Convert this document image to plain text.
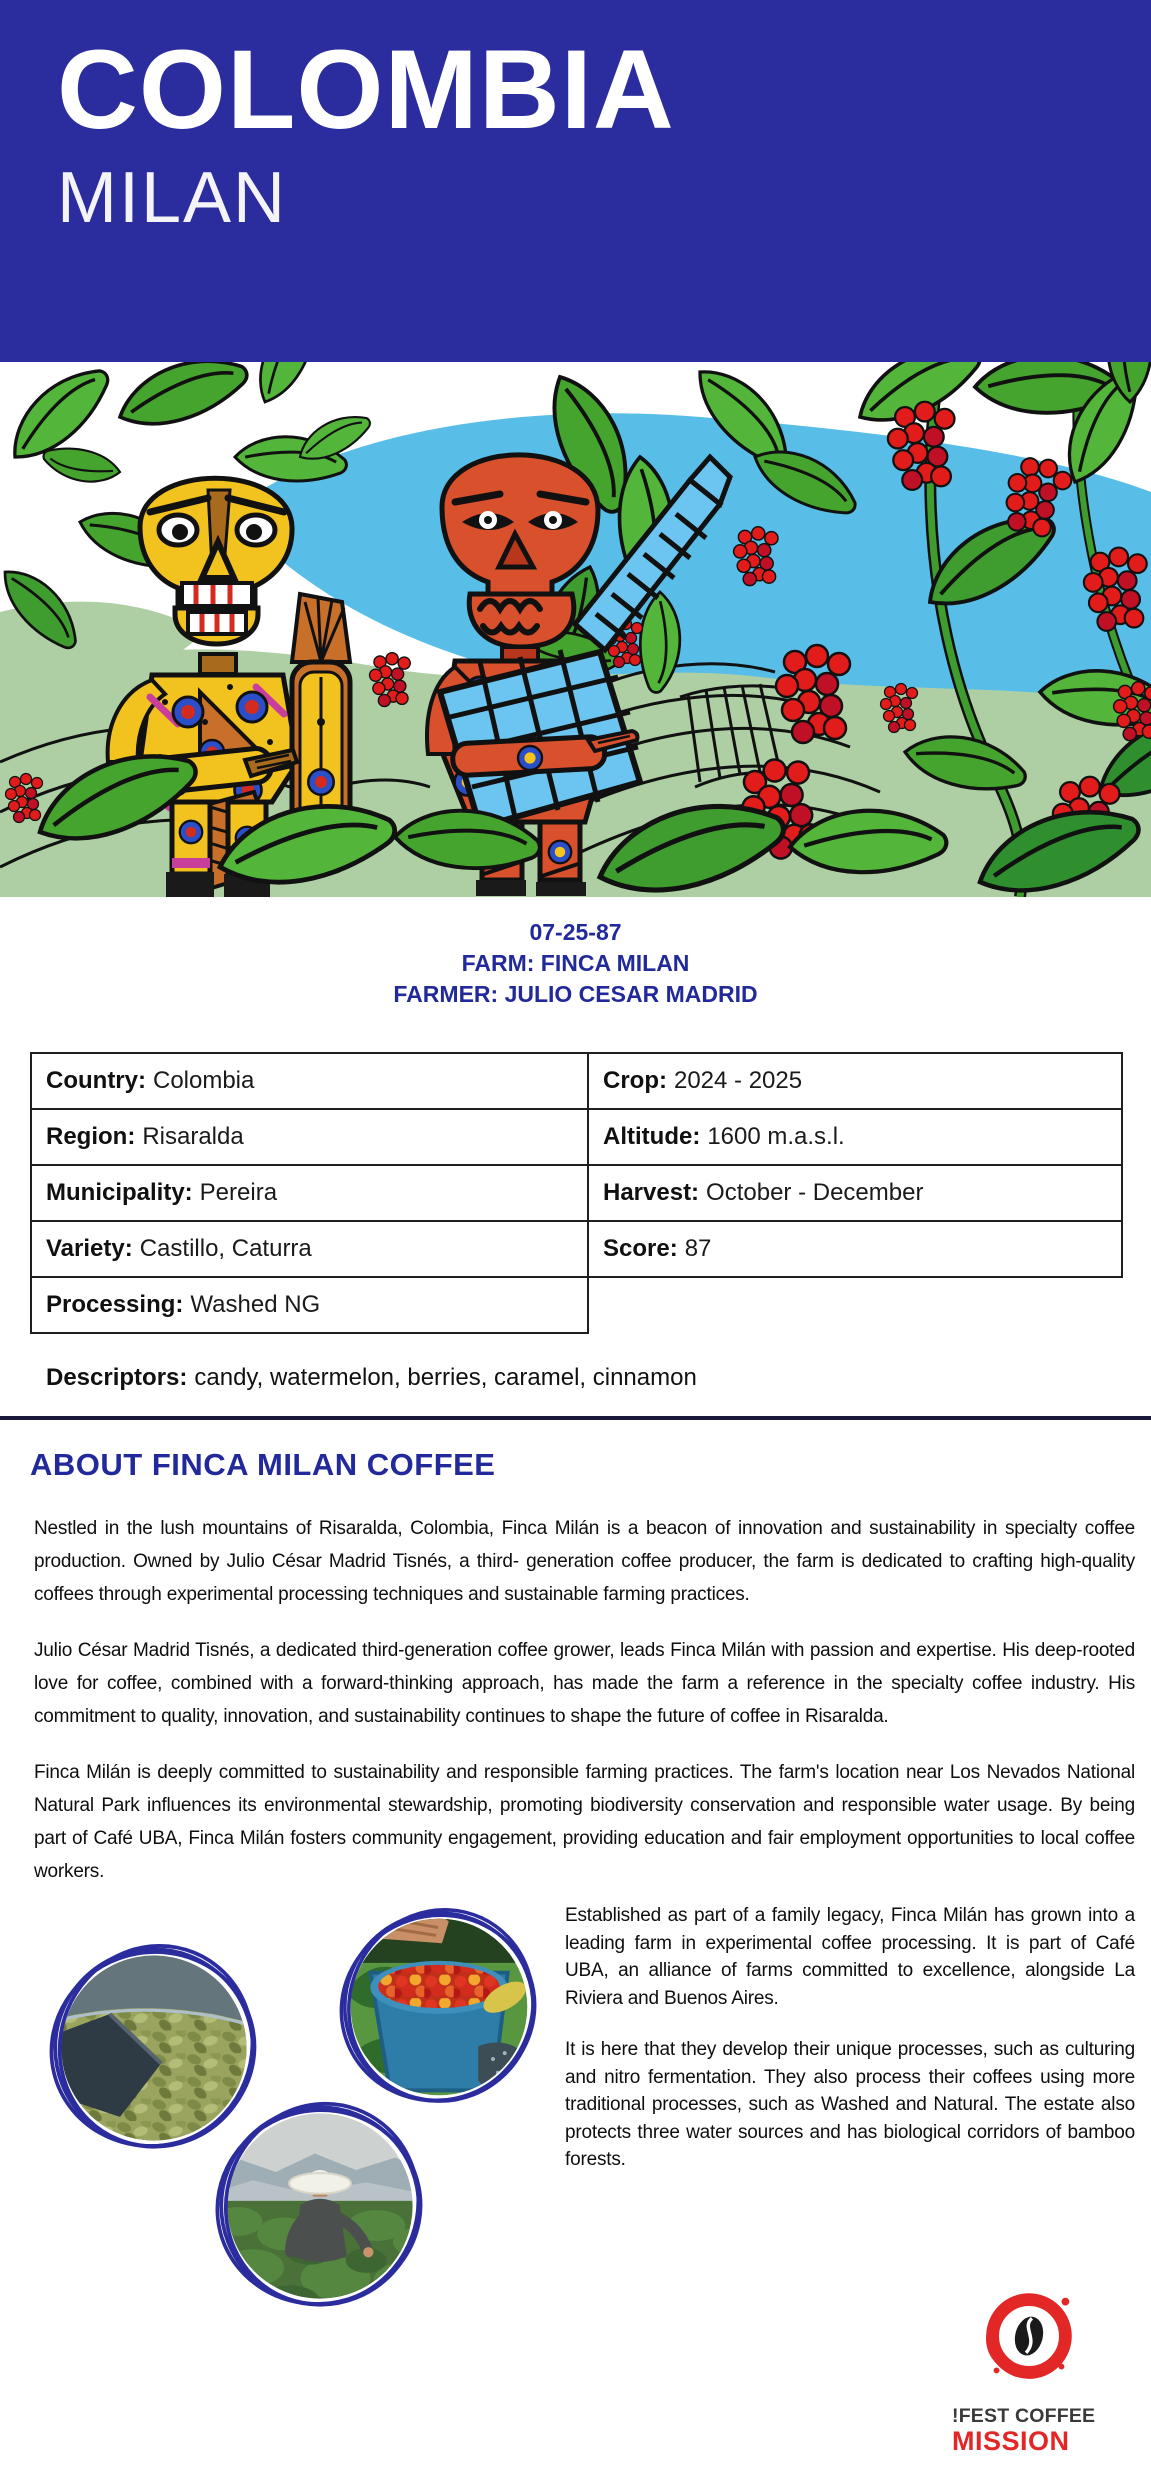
COLOMBIA
MILAN
07-25-87
FARM: FINCA MILAN
FARMER: JULIO CESAR MADRID
Country: Colombia	Crop: 2024 - 2025
Region: Risaralda	Altitude: 1600 m.a.s.l.
Municipality: Pereira	Harvest: October - December
Variety: Castillo, Caturra	Score: 87
Processing: Washed NG	

Descriptors: candy, watermelon, berries, caramel, cinnamon

ABOUT FINCA MILAN COFFEE

Nestled in the lush mountains of Risaralda, Colombia, Finca Milán is a beacon of innovation and sustainability in specialty coffee production. Owned by Julio César Madrid Tisnés, a third- generation coffee producer, the farm is dedicated to crafting high-quality coffees through experimental processing techniques and sustainable farming practices.

Julio César Madrid Tisnés, a dedicated third-generation coffee grower, leads Finca Milán with passion and expertise. His deep-rooted love for coffee, combined with a forward-thinking approach, has made the farm a reference in the specialty coffee industry. His commitment to quality, innovation, and sustainability continues to shape the future of coffee in Risaralda.

Finca Milán is deeply committed to sustainability and responsible farming practices. The farm's location near Los Nevados National Natural Park influences its environmental stewardship, promoting biodiversity conservation and responsible water usage. By being part of Café UBA, Finca Milán fosters community engagement, providing education and fair employment opportunities to local coffee workers.

Established as part of a family legacy, Finca Milán has grown into a leading farm in experimental coffee processing. It is part of Café UBA, an alliance of farms committed to excellence, alongside La Riviera and Buenos Aires.

It is here that they develop their unique processes, such as culturing and nitro fermentation. They also process their coffees using more traditional processes, such as Washed and Natural. The estate also protects three water sources and has biological corridors of bamboo forests.

!FEST COFFEE
MISSION
